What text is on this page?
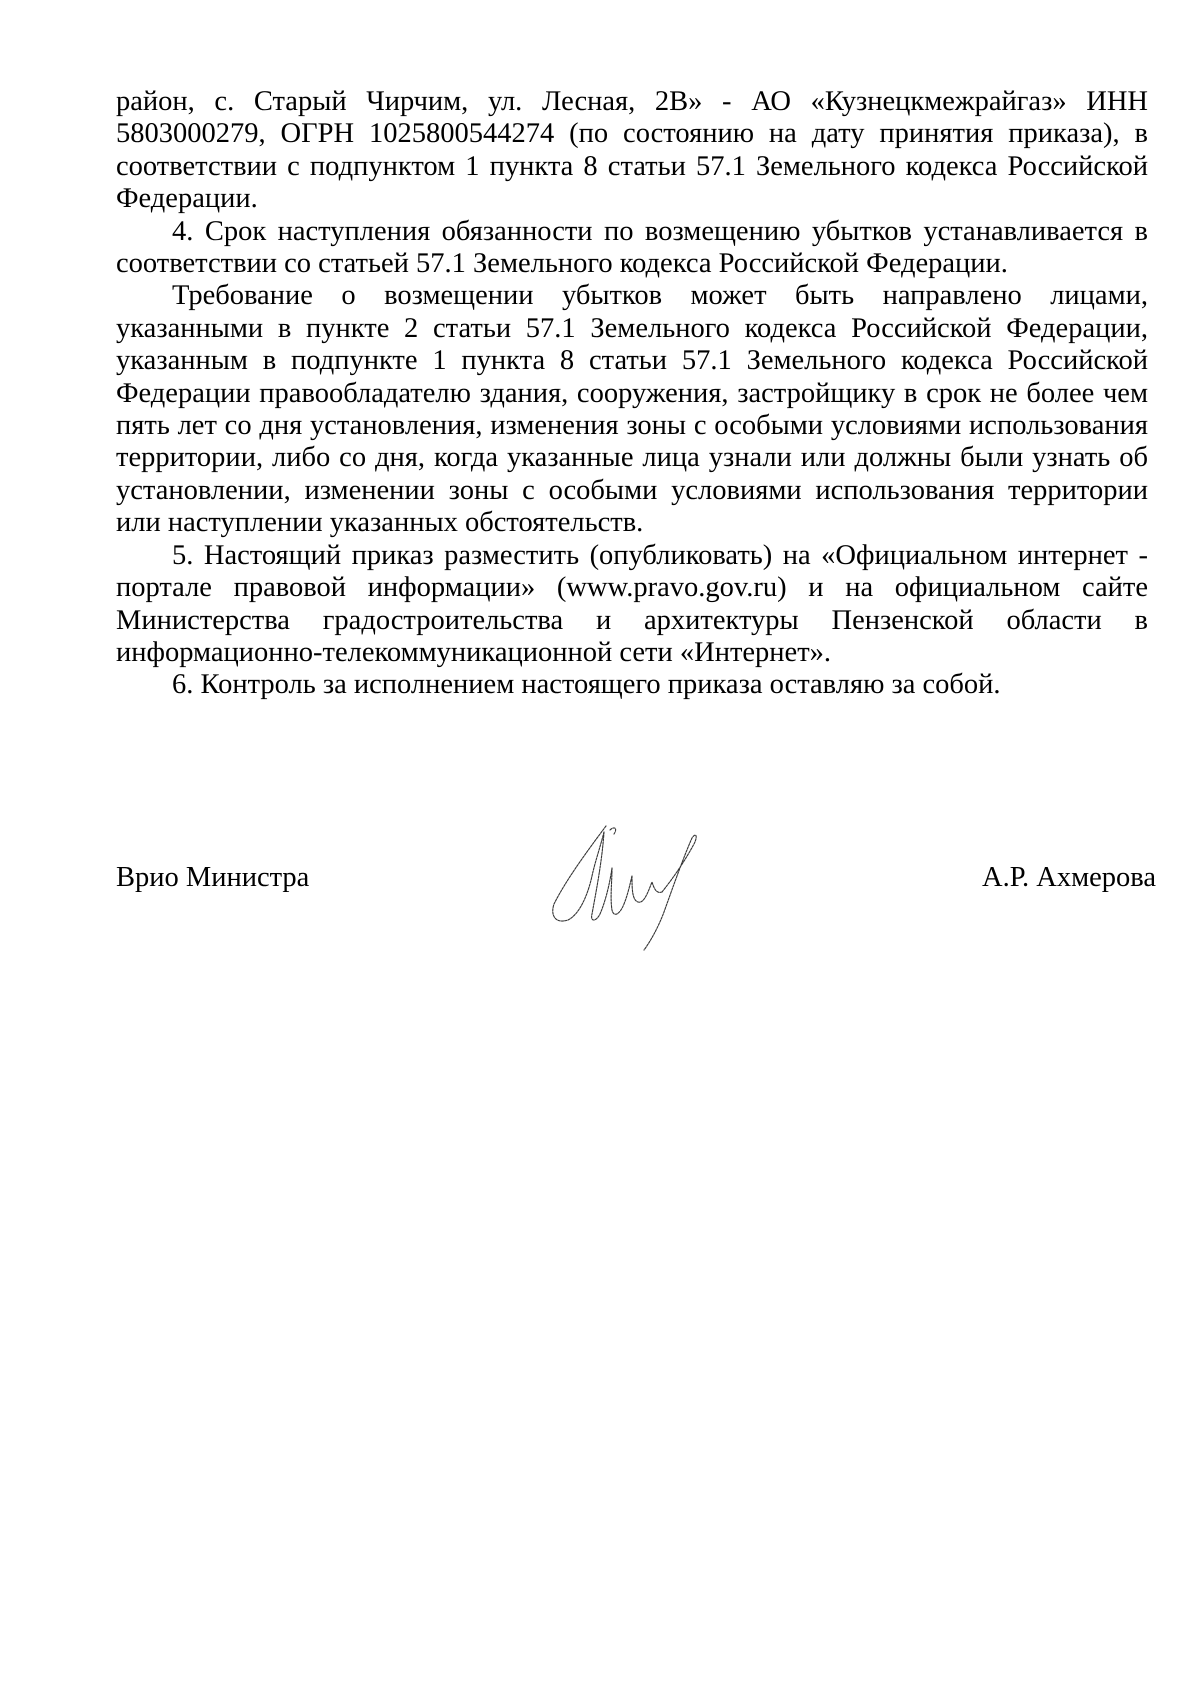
район, с. Старый Чирчим, ул. Лесная, 2В» - АО «Кузнецкмежрайгаз» ИНН 5803000279, ОГРН 1025800544274 (по состоянию на дату принятия приказа), в соответствии с подпунктом 1 пункта 8 статьи 57.1 Земельного кодекса Российской Федерации.

4. Срок наступления обязанности по возмещению убытков устанавливается в соответствии со статьей 57.1 Земельного кодекса Российской Федерации.

Требование о возмещении убытков может быть направлено лицами, указанными в пункте 2 статьи 57.1 Земельного кодекса Российской Федерации, указанным в подпункте 1 пункта 8 статьи 57.1 Земельного кодекса Российской Федерации правообладателю здания, сооружения, застройщику в срок не более чем пять лет со дня установления, изменения зоны с особыми условиями использования территории, либо со дня, когда указанные лица узнали или должны были узнать об установлении, изменении зоны с особыми условиями использования территории или наступлении указанных обстоятельств.

5. Настоящий приказ разместить (опубликовать) на «Официальном интернет - портале правовой информации» (www.pravo.gov.ru) и на официальном сайте Министерства градостроительства и архитектуры Пензенской области в информационно-телекоммуникационной сети «Интернет».

6. Контроль за исполнением настоящего приказа оставляю за собой.

Врио Министра	А.Р. Ахмерова
